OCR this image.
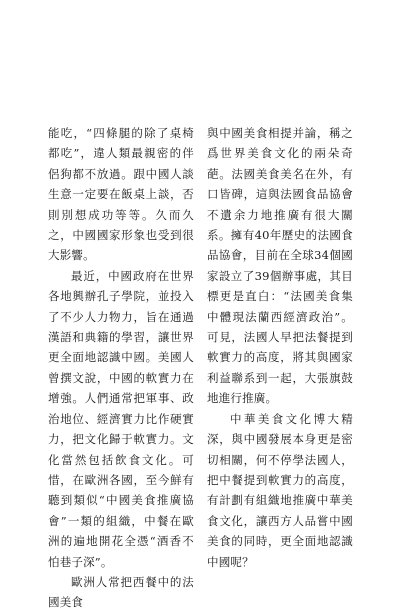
能吃，“四條腿的除了桌椅都吃”，違人類最親密的伴侶狗都不放過。跟中國人談生意一定要在飯桌上談，否則別想成功等等。久而久之，中國國家形象也受到很大影響。

最近，中國政府在世界各地興辦孔子學院，並投入了不少人力物力，旨在通過漢語和典籍的學習，讓世界更全面地認識中國。美國人曾撰文說，中國的軟實力在增強。人們通常把軍事、政治地位、經濟實力比作硬實力，把文化歸于軟實力。文化當然包括飲食文化。可惜，在歐洲各國，至今鮮有聽到類似“中國美食推廣協會”一類的組織，中餐在歐洲的遍地開花全憑“酒香不怕巷子深”。

歐洲人常把西餐中的法國美食

與中國美食相提并論，稱之爲世界美食文化的兩朵奇葩。法國美食美名在外，有口皆碑，這與法國食品協會不遺余力地推廣有很大關系。擁有40年歷史的法國食品協會，目前在全球34個國家設立了39個辦事處，其目標更是直白：“法國美食集中體現法蘭西經濟政治”。可見，法國人早把法餐提到軟實力的高度，將其與國家利益聯系到一起，大張旗鼓地進行推廣。

中華美食文化博大精深，與中國發展本身更是密切相關，何不停學法國人，把中餐提到軟實力的高度，有計劃有組織地推廣中華美食文化，讓西方人品嘗中國美食的同時，更全面地認識中國呢？
